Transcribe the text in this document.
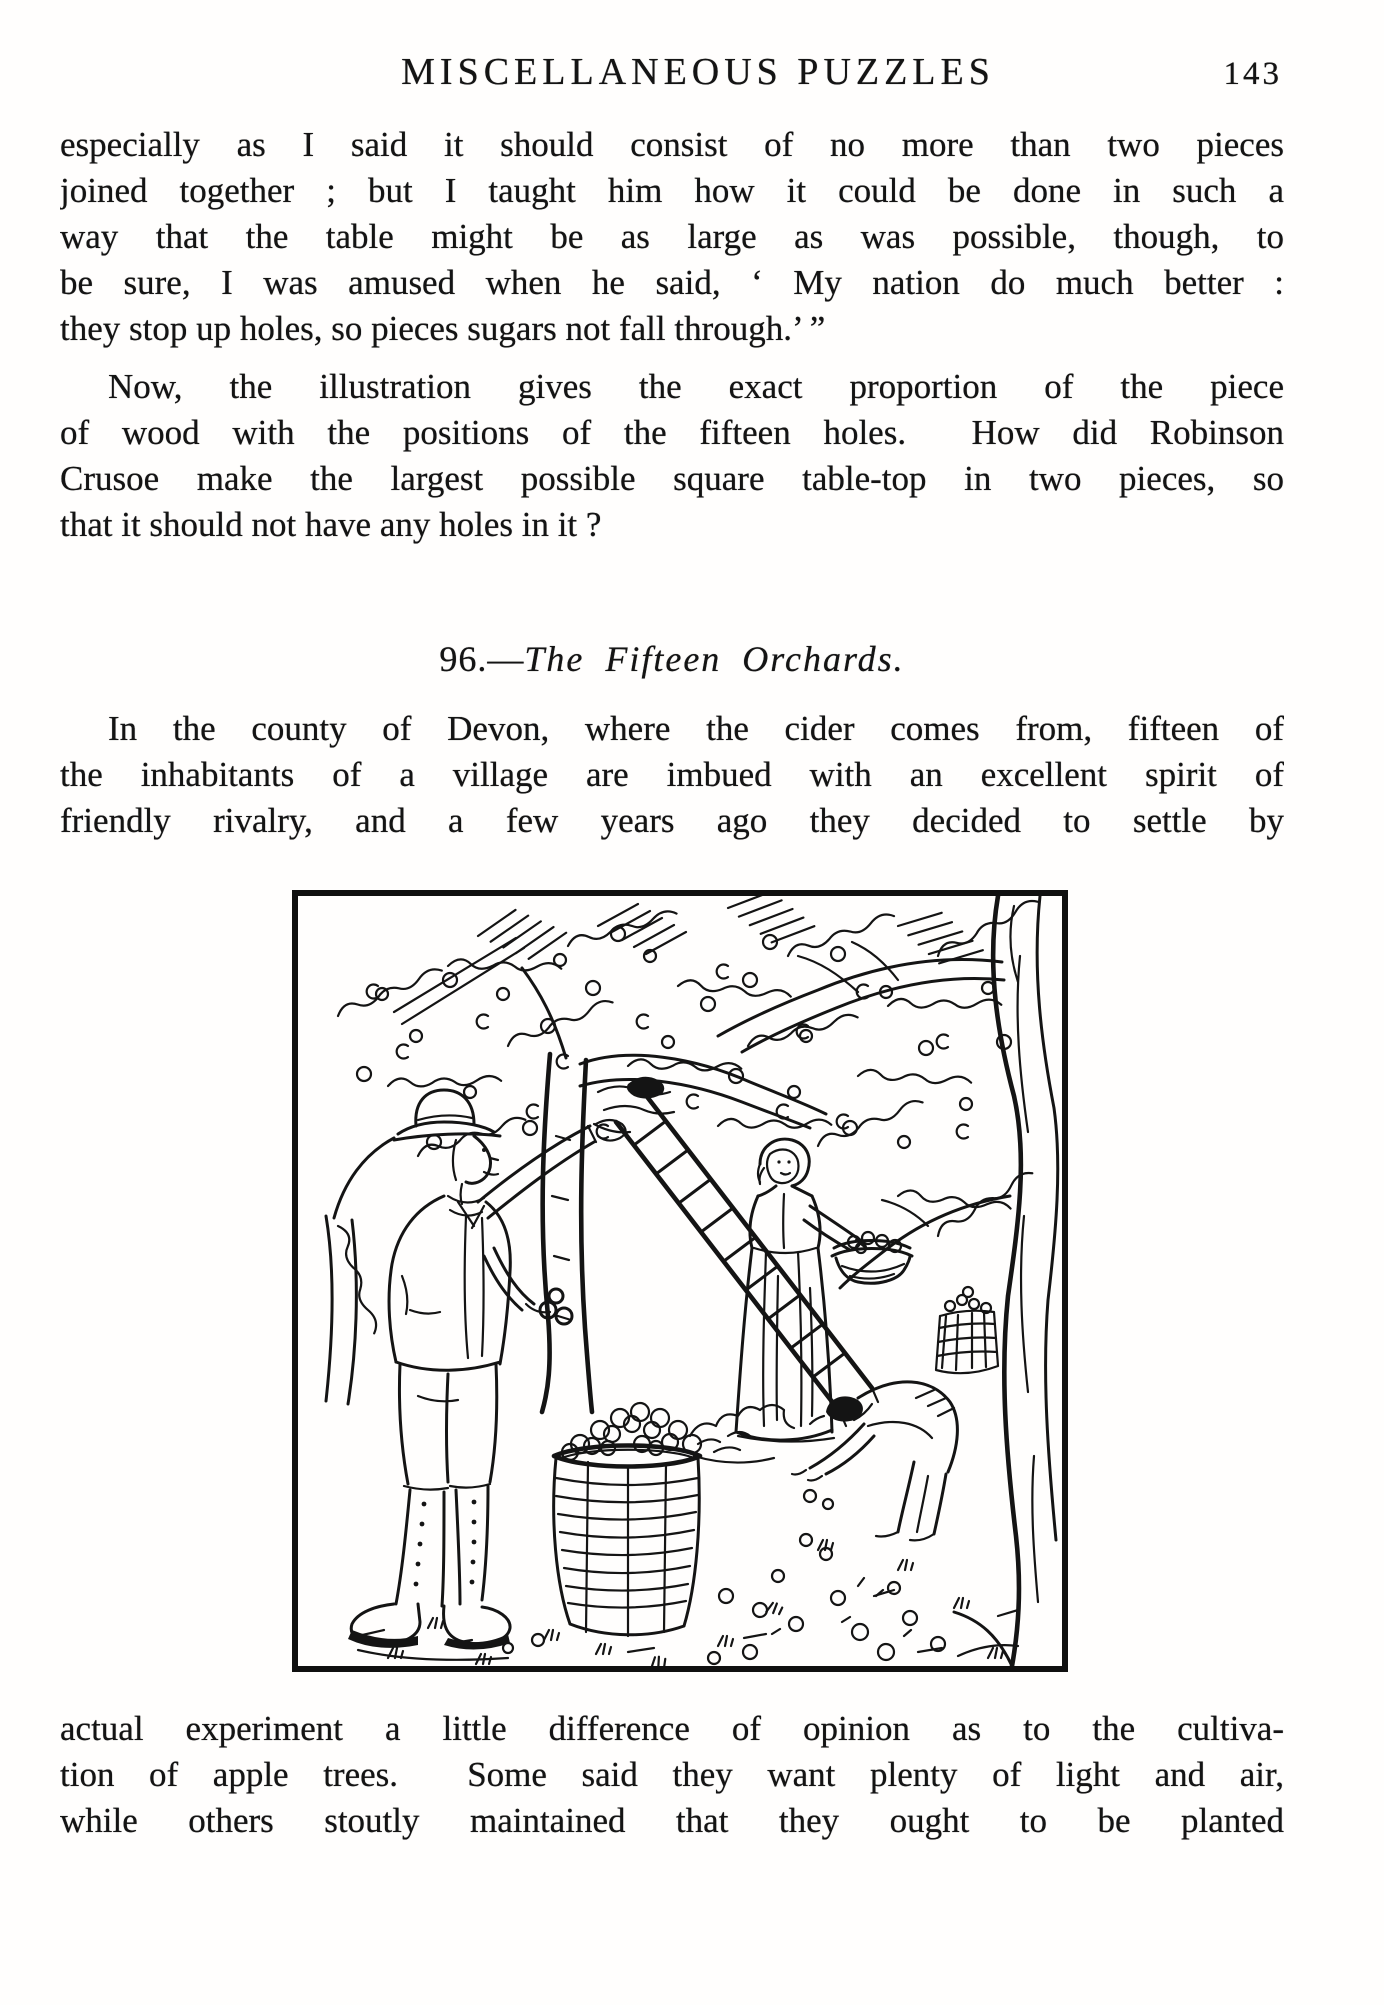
MISCELLANEOUS PUZZLES	143
especially as I said it should consist of no more than two pieces
joined together ; but I taught him how it could be done in such a
way that the table might be as large as was possible, though, to
be sure, I was amused when he said, ‘ My nation do much better :
they stop up holes, so pieces sugars not fall through.’ ”
Now, the illustration gives the exact proportion of the piece
of wood with the positions of the fifteen holes.  How did Robinson
Crusoe make the largest possible square table-top in two pieces, so
that it should not have any holes in it ?
96.—The Fifteen Orchards.
In the county of Devon, where the cider comes from, fifteen of
the inhabitants of a village are imbued with an excellent spirit of
friendly rivalry, and a few years ago they decided to settle by
actual experiment a little difference of opinion as to the cultiva-
tion of apple trees.  Some said they want plenty of light and air,
while others stoutly maintained that they ought to be planted
